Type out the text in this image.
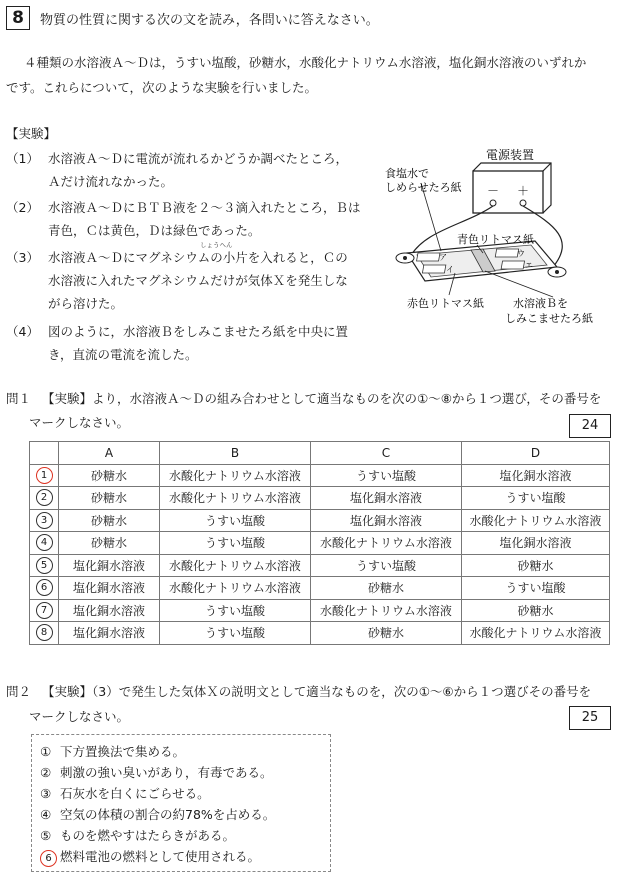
8	物質の性質に関する次の文を読み，各問いに答えなさい。
４種類の水溶液Ａ～Ｄは，うすい塩酸，砂糖水，水酸化ナトリウム水溶液，塩化銅水溶液のいずれか
です。これらについて，次のような実験を行いました。
【実験】
（1） 水溶液Ａ～Ｄに電流が流れるかどうか調べたところ，
Ａだけ流れなかった。
（2） 水溶液Ａ～ＤにＢＴＢ液を２～３滴入れたところ，Ｂは
青色，Ｃは黄色，Ｄは緑色であった。
しょうへん
（3） 水溶液Ａ～Ｄにマグネシウムの小片を入れると，Ｃの
水溶液に入れたマグネシウムだけが気体Ｘを発生しな
がら溶けた。
（4） 図のように，水溶液Ｂをしみこませたろ紙を中央に置
き，直流の電流を流した。
電源装置
－ ＋
食塩水で
しめらせたろ紙
青色リトマス紙
赤色リトマス紙	水溶液Ｂを
しみこませたろ紙
ア
イ
ウ
エ
問１ 【実験】より，水溶液Ａ～Ｄの組み合わせとして適当なものを次の①～⑧から１つ選び，その番号を
マークしなさい。	24
	A	B	C	D
1	砂糖水	水酸化ナトリウム水溶液	うすい塩酸	塩化銅水溶液
2	砂糖水	水酸化ナトリウム水溶液	塩化銅水溶液	うすい塩酸
3	砂糖水	うすい塩酸	塩化銅水溶液	水酸化ナトリウム水溶液
4	砂糖水	うすい塩酸	水酸化ナトリウム水溶液	塩化銅水溶液
5	塩化銅水溶液	水酸化ナトリウム水溶液	うすい塩酸	砂糖水
6	塩化銅水溶液	水酸化ナトリウム水溶液	砂糖水	うすい塩酸
7	塩化銅水溶液	うすい塩酸	水酸化ナトリウム水溶液	砂糖水
8	塩化銅水溶液	うすい塩酸	砂糖水	水酸化ナトリウム水溶液
問２ 【実験】（3）で発生した気体Ｘの説明文として適当なものを，次の①～⑥から１つ選びその番号を
マークしなさい。	25
① 下方置換法で集める。
② 刺激の強い臭いがあり，有毒である。
③ 石灰水を白くにごらせる。
④ 空気の体積の割合の約78%を占める。
⑤ ものを燃やすはたらきがある。
6 燃料電池の燃料として使用される。
